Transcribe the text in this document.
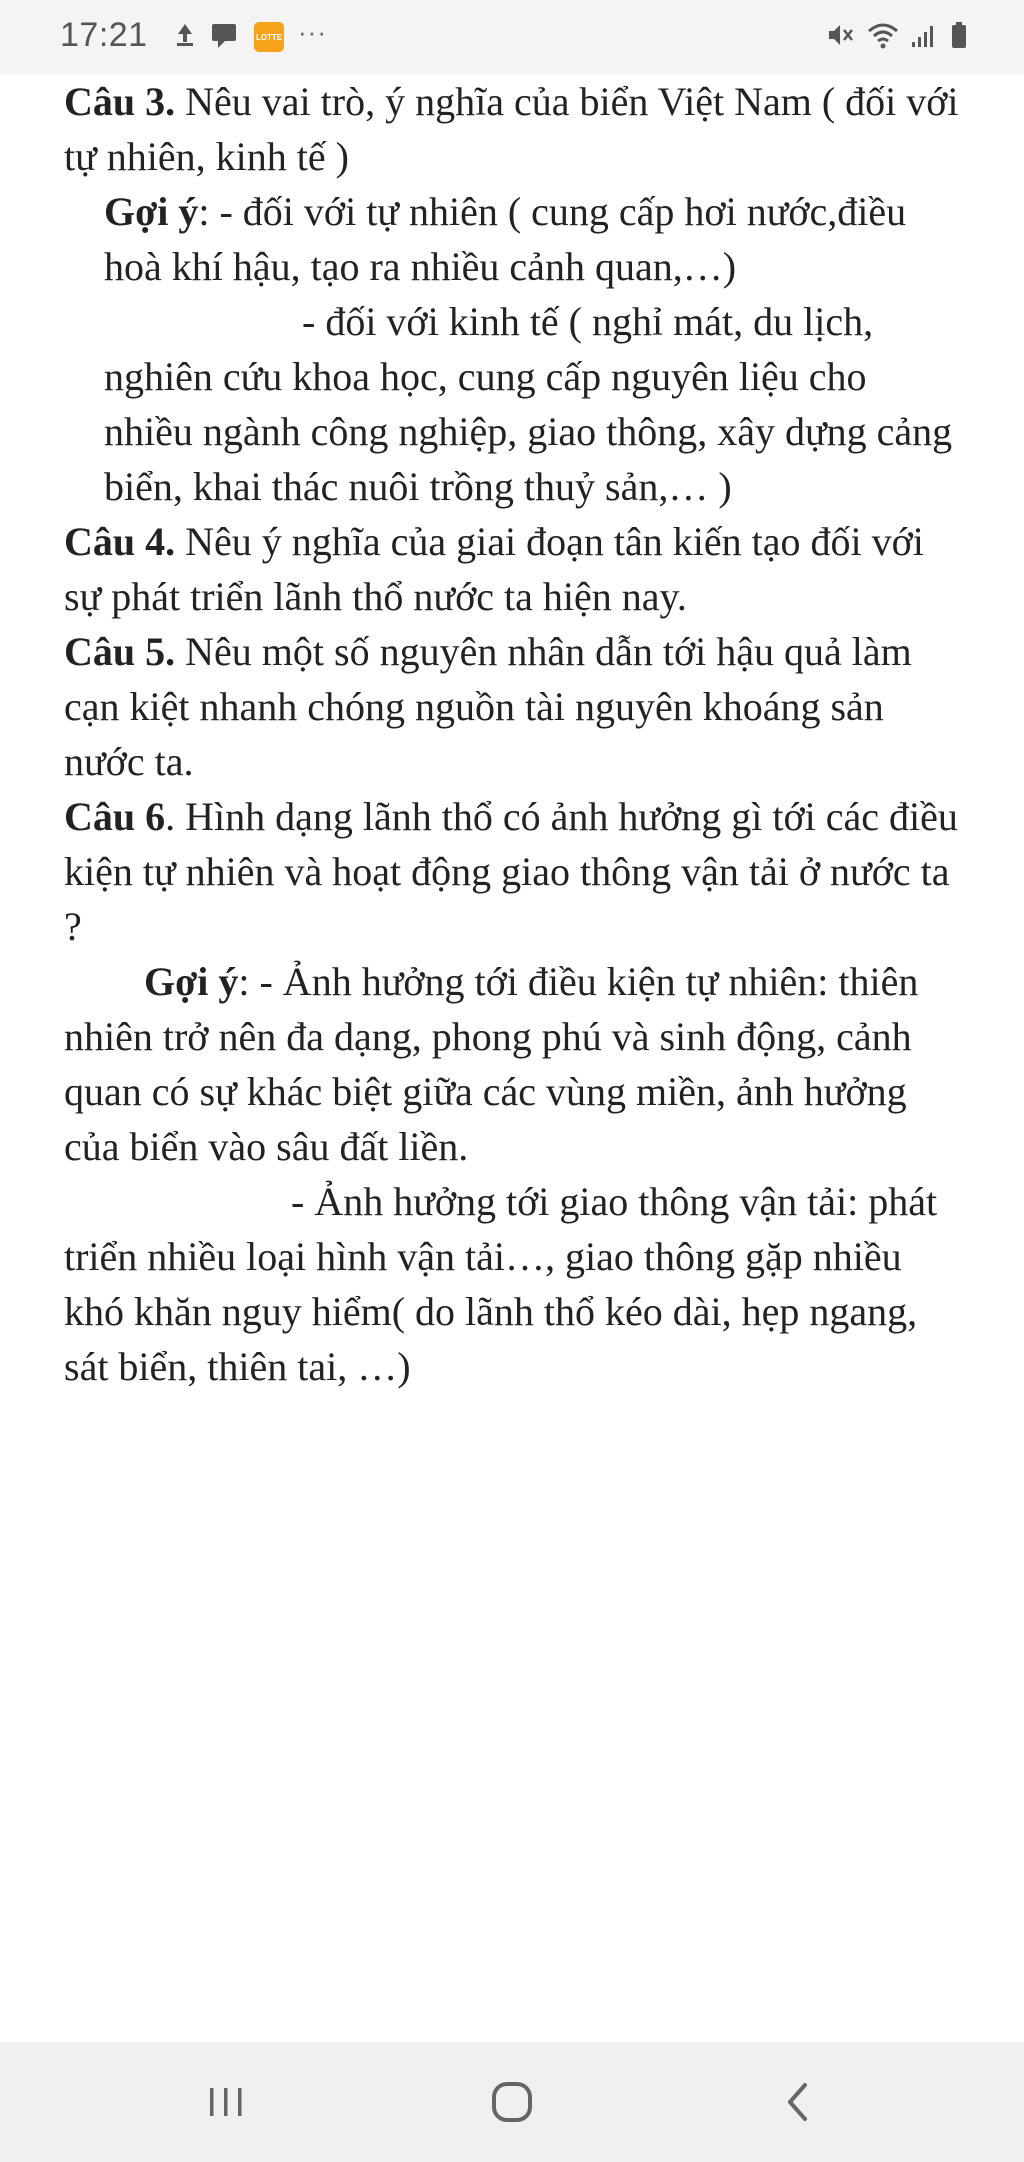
17:21	LOTTE ···

Câu 3. Nêu vai trò, ý nghĩa của biển Việt Nam ( đối với tự nhiên, kinh tế )

Gợi ý: - đối với tự nhiên ( cung cấp hơi nước,điều hoà khí hậu, tạo ra nhiều cảnh quan,…)

- đối với kinh tế ( nghỉ mát, du lịch, nghiên cứu khoa học, cung cấp nguyên liệu cho nhiều ngành công nghiệp, giao thông, xây dựng cảng biển, khai thác nuôi trồng thuỷ sản,… )

Câu 4. Nêu ý nghĩa của giai đoạn tân kiến tạo đối với sự phát triển lãnh thổ nước ta hiện nay.

Câu 5. Nêu một số nguyên nhân dẫn tới hậu quả làm cạn kiệt nhanh chóng nguồn tài nguyên khoáng sản nước ta.

Câu 6. Hình dạng lãnh thổ có ảnh hưởng gì tới các điều kiện tự nhiên và hoạt động giao thông vận tải ở nước ta ?

Gợi ý: - Ảnh hưởng tới điều kiện tự nhiên: thiên nhiên trở nên đa dạng, phong phú và sinh động, cảnh quan có sự khác biệt giữa các vùng miền, ảnh hưởng của biển vào sâu đất liền.

- Ảnh hưởng tới giao thông vận tải: phát triển nhiều loại hình vận tải…, giao thông gặp nhiều khó khăn nguy hiểm( do lãnh thổ kéo dài, hẹp ngang, sát biển, thiên tai, …)
